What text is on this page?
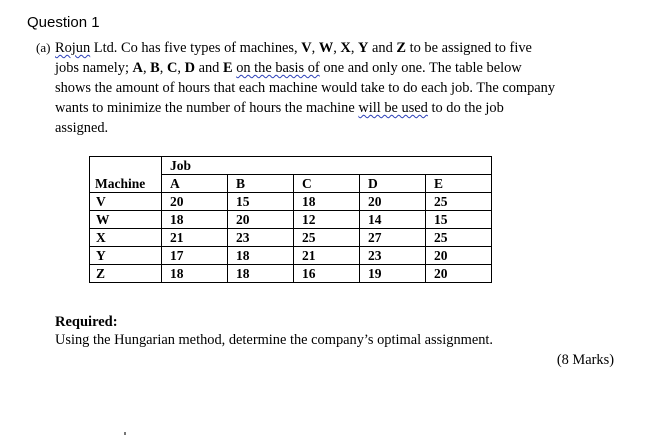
Question 1
(a) Rojun Ltd. Co has five types of machines, V, W, X, Y and Z to be assigned to five
jobs namely; A, B, C, D and E on the basis of one and only one. The table below
shows the amount of hours that each machine would take to do each job. The company
wants to minimize the number of hours the machine will be used to do the job
assigned.
	Job				
Machine	A	B	C	D	E
V	20	15	18	20	25
W	18	20	12	14	15
X	21	23	25	27	25
Y	17	18	21	23	20
Z	18	18	16	19	20
Required:
Using the Hungarian method, determine the company’s optimal assignment.
(8 Marks)
